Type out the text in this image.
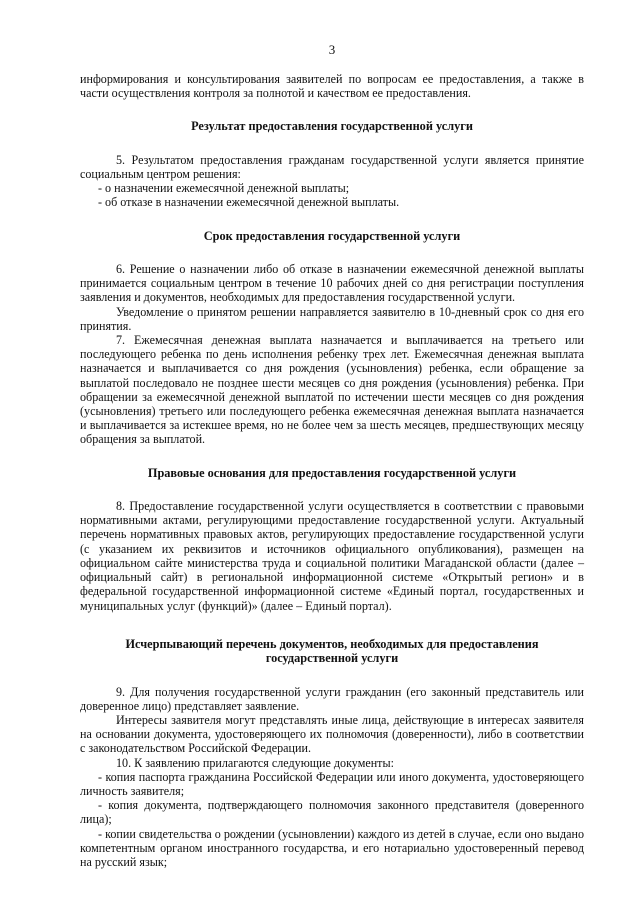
3

информирования и консультирования заявителей по вопросам ее предоставления, а также в части осуществления контроля за полнотой и качеством ее предоставления.

Результат предоставления государственной услуги

5. Результатом предоставления гражданам государственной услуги является принятие социальным центром решения:

- о назначении ежемесячной денежной выплаты;

- об отказе в назначении ежемесячной денежной выплаты.

Срок предоставления государственной услуги

6. Решение о назначении либо об отказе в назначении ежемесячной денежной выплаты принимается социальным центром в течение 10 рабочих дней со дня регистрации поступления заявления и документов, необходимых для предоставления государственной услуги.

Уведомление о принятом решении направляется заявителю в 10-дневный срок со дня его принятия.

7. Ежемесячная денежная выплата назначается и выплачивается на третьего или последующего ребенка по день исполнения ребенку трех лет. Ежемесячная денежная выплата назначается и выплачивается со дня рождения (усыновления) ребенка, если обращение за выплатой последовало не позднее шести месяцев со дня рождения (усыновления) ребенка. При обращении за ежемесячной денежной выплатой по истечении шести месяцев со дня рождения (усыновления) третьего или последующего ребенка ежемесячная денежная выплата назначается и выплачивается за истекшее время, но не более чем за шесть месяцев, предшествующих месяцу обращения за выплатой.

Правовые основания для предоставления государственной услуги

8. Предоставление государственной услуги осуществляется в соответствии с правовыми нормативными актами, регулирующими предоставление государственной услуги. Актуальный перечень нормативных правовых актов, регулирующих предоставление государственной услуги (с указанием их реквизитов и источников официального опубликования), размещен на официальном сайте министерства труда и социальной политики Магаданской области (далее – официальный сайт) в региональной информационной системе «Открытый регион» и в федеральной государственной информационной системе «Единый портал, государственных и муниципальных услуг (функций)» (далее – Единый портал).

Исчерпывающий перечень документов, необходимых для предоставления государственной услуги

9. Для получения государственной услуги гражданин (его законный представитель или доверенное лицо) представляет заявление.

Интересы заявителя могут представлять иные лица, действующие в интересах заявителя на основании документа, удостоверяющего их полномочия (доверенности), либо в соответствии с законодательством Российской Федерации.

10. К заявлению прилагаются следующие документы:

- копия паспорта гражданина Российской Федерации или иного документа, удостоверяющего личность заявителя;

- копия документа, подтверждающего полномочия законного представителя (доверенного лица);

- копии свидетельства о рождении (усыновлении) каждого из детей в случае, если оно выдано компетентным органом иностранного государства, и его нотариально удостоверенный перевод на русский язык;
